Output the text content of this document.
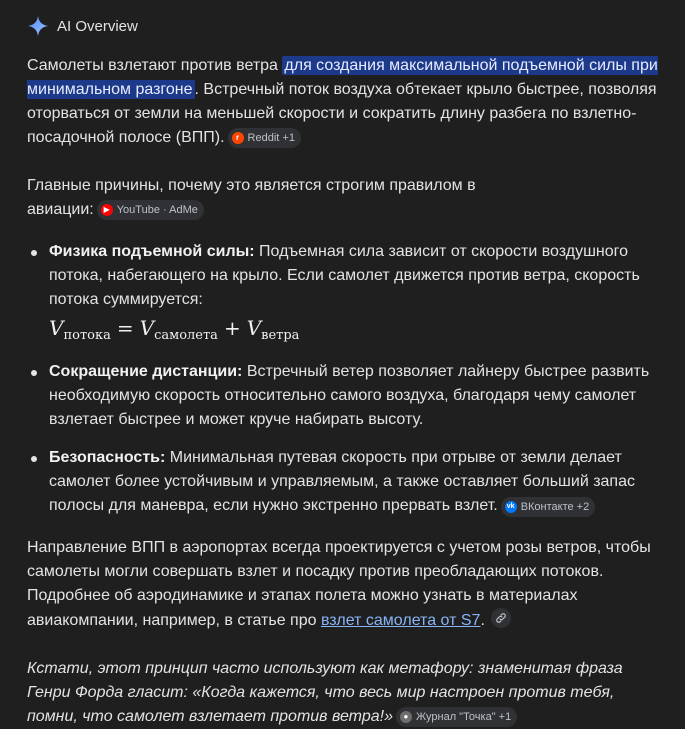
AI Overview

Самолеты взлетают против ветра для создания максимальной подъемной силы при минимальном разгоне . Встречный поток воздуха обтекает крыло быстрее, позволяя оторваться от земли на меньшей скорости и сократить длину разбега по взлетно-посадочной полосе (ВПП).	r Reddit +1

Главные причины, почему это является строгим правилом в авиации:	▶ YouTube · AdMe

Физика подъемной силы: Подъемная сила зависит от скорости воздушного потока, набегающего на крыло. Если самолет движется против ветра, скорость потока суммируется:
$V_{потока} = V_{самолета} + V_{ветра}$
Сокращение дистанции: Встречный ветер позволяет лайнеру быстрее развить необходимую скорость относительно самого воздуха, благодаря чему самолет взлетает быстрее и может круче набирать высоту.
Безопасность: Минимальная путевая скорость при отрыве от земли делает самолет более устойчивым и управляемым, а также оставляет больший запас полосы для маневра, если нужно экстренно прервать взлет. vk ВКонтакте +2

Направление ВПП в аэропортах всегда проектируется с учетом розы ветров, чтобы самолеты могли совершать взлет и посадку против преобладающих потоков. Подробнее об аэродинамике и этапах полета можно узнать в материалах авиакомпании, например, в статье про взлет самолета от S7.

Кстати, этот принцип часто используют как метафору: знаменитая фраза Генри Форда гласит: «Когда кажется, что весь мир настроен против тебя, помни, что самолет взлетает против ветра!»	● Журнал "Точка" +1
